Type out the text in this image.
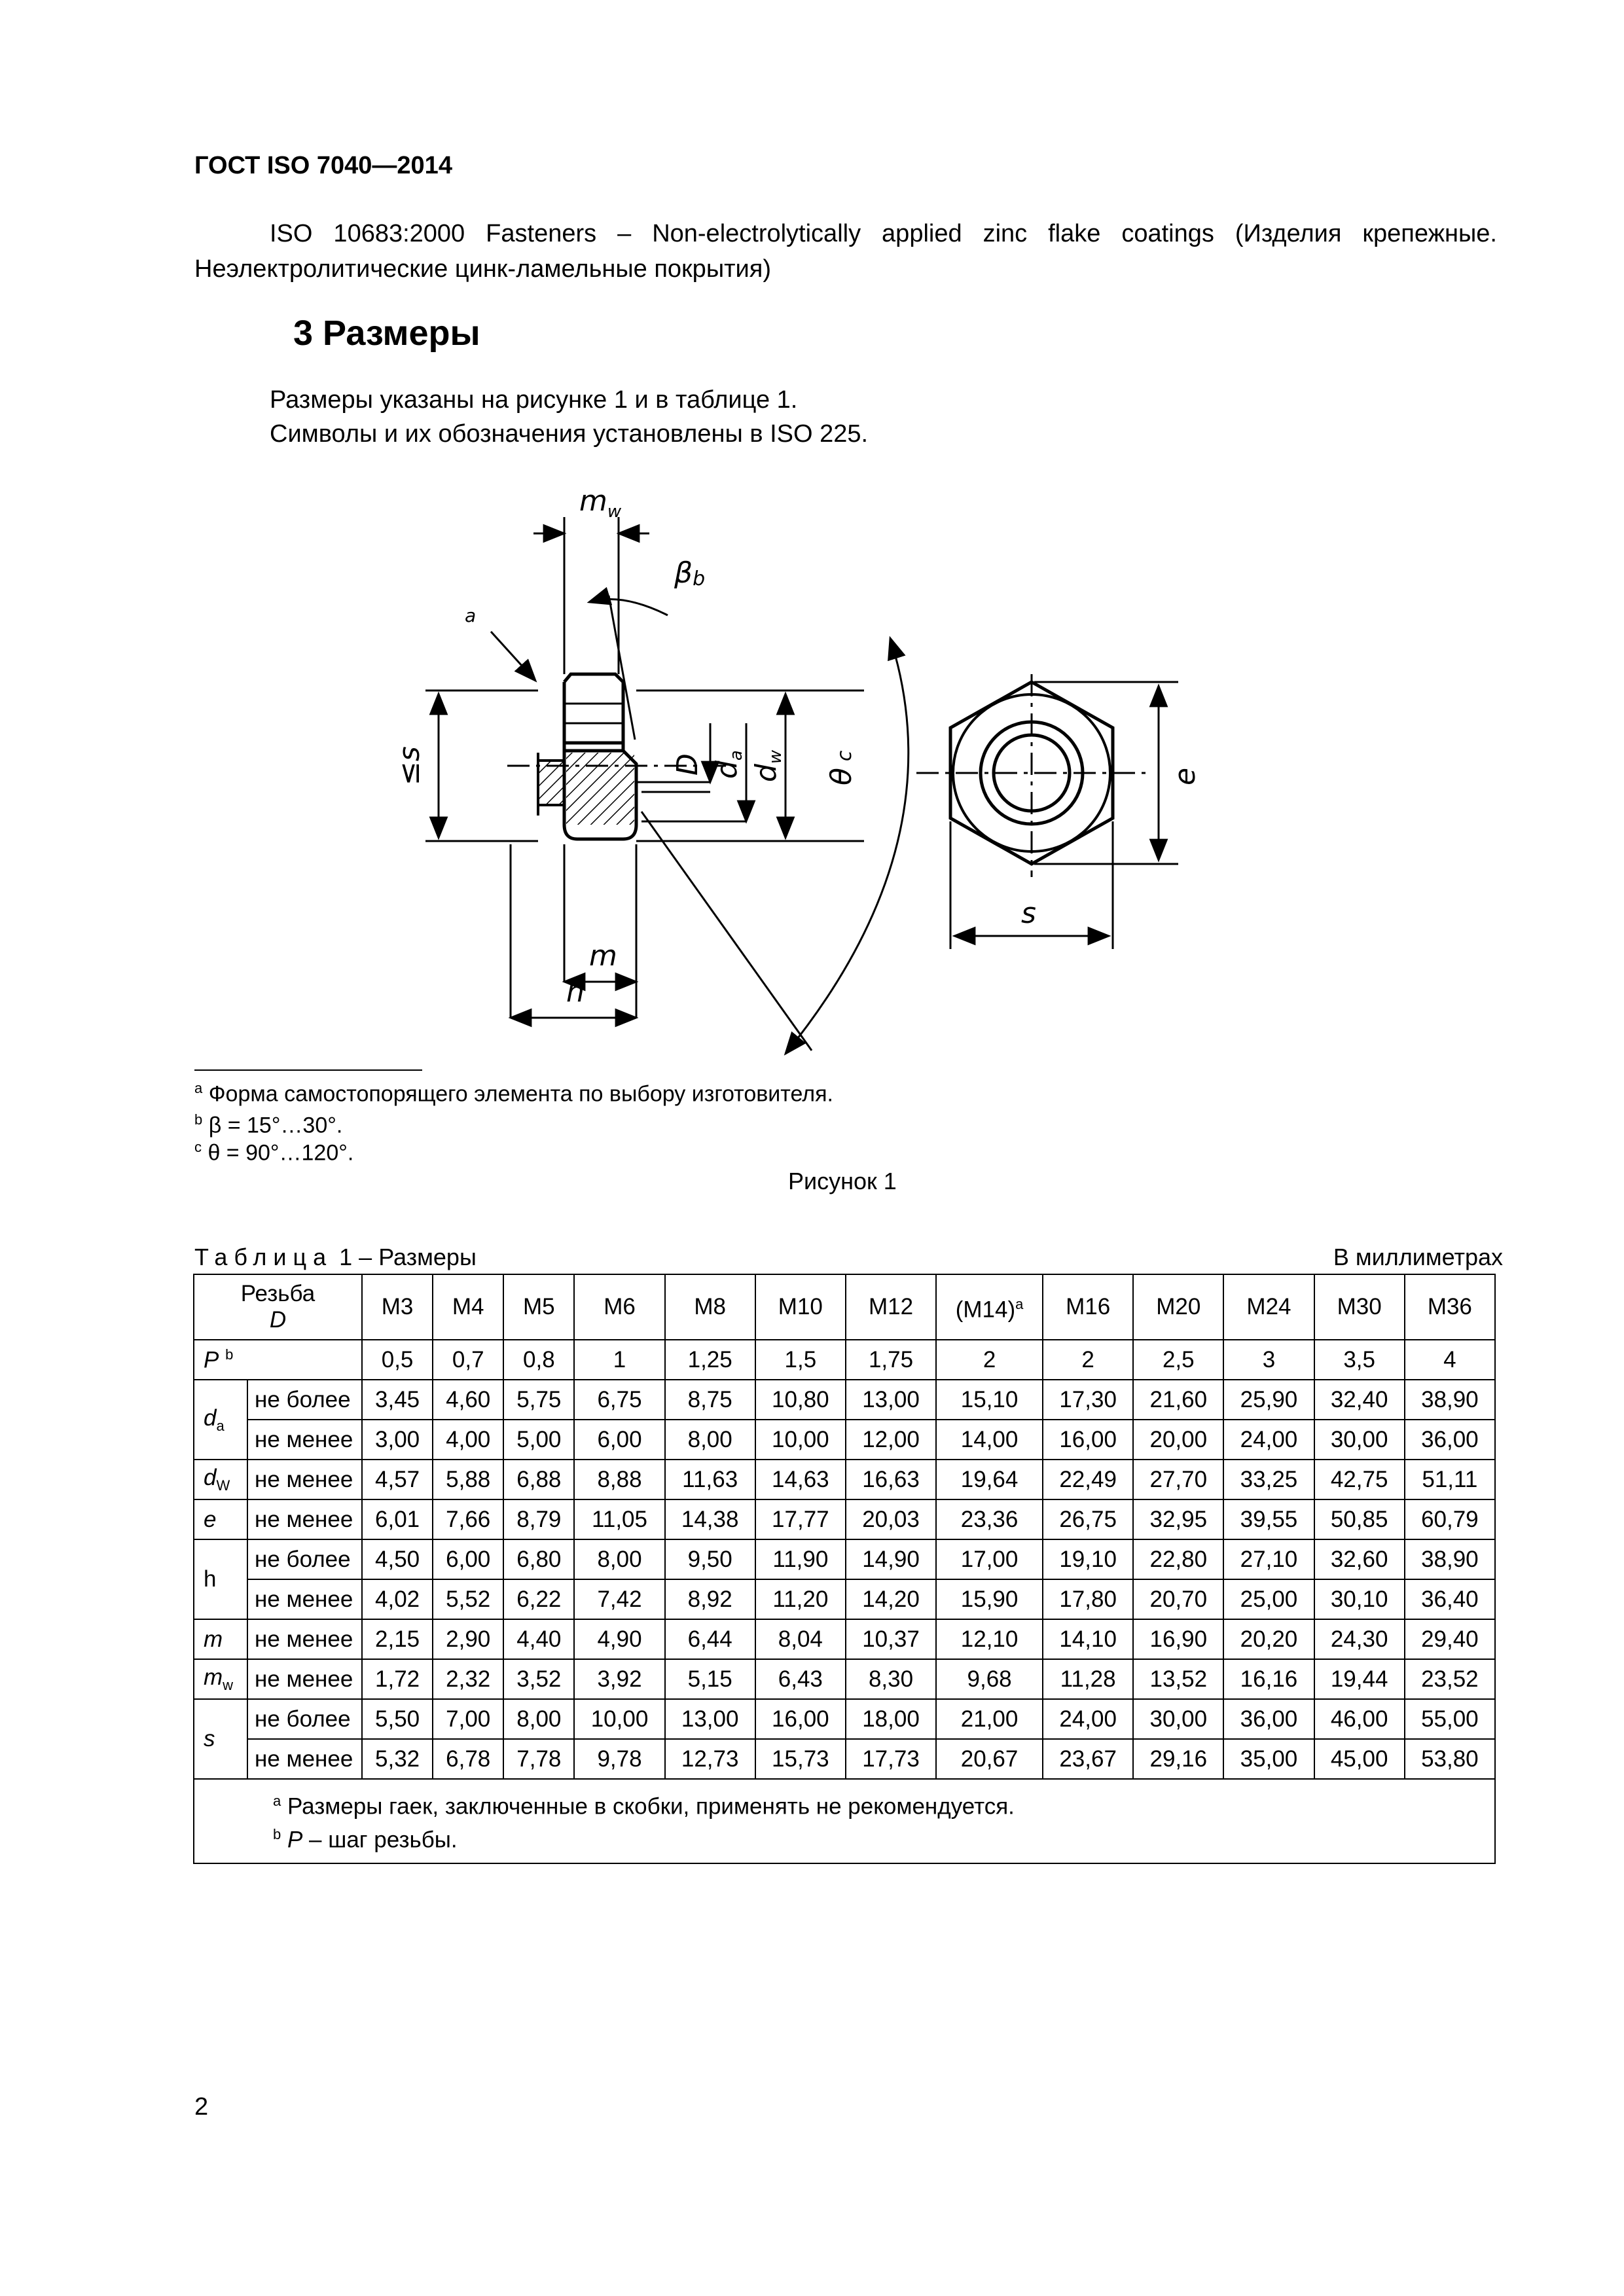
ГОСТ ISO 7040—2014
ISO 10683:2000 Fasteners – Non-electrolytically applied zinc flake coatings (Изделия крепежные. Неэлектролитические цинк-ламельные покрытия)
3 Размеры
Размеры указаны на рисунке 1 и в таблице 1.
Символы и их обозначения установлены в ISO 225.
$m_w$
βb
a
≤s	D da
dw
θc
m
h
e
s
$^a$ Форма самостопорящего элемента по выбору изготовителя.
$^b$ β = 15°…30°.
$^c$ θ = 90°…120°.
Рисунок 1
Таблица 1 – Размеры	В миллиметрах
Резьба
D		M3	M4	M5	M6	M8	M10	M12	$(M14)^a$	M16	M20	M24	M30	M36
P $^b$		0,5	0,7	0,8	1	1,25	1,5	1,75	2	2	2,5	3	3,5	4
$d_a$	не более	3,45	4,60	5,75	6,75	8,75	10,80	13,00	15,10	17,30	21,60	25,90	32,40	38,90
	не менее	3,00	4,00	5,00	6,00	8,00	10,00	12,00	14,00	16,00	20,00	24,00	30,00	36,00
$d_W$	не менее	4,57	5,88	6,88	8,88	11,63	14,63	16,63	19,64	22,49	27,70	33,25	42,75	51,11
e	не менее	6,01	7,66	8,79	11,05	14,38	17,77	20,03	23,36	26,75	32,95	39,55	50,85	60,79
h	не более	4,50	6,00	6,80	8,00	9,50	11,90	14,90	17,00	19,10	22,80	27,10	32,60	38,90
	не менее	4,02	5,52	6,22	7,42	8,92	11,20	14,20	15,90	17,80	20,70	25,00	30,10	36,40
m	не менее	2,15	2,90	4,40	4,90	6,44	8,04	10,37	12,10	14,10	16,90	20,20	24,30	29,40
$m_w$	не менее	1,72	2,32	3,52	3,92	5,15	6,43	8,30	9,68	11,28	13,52	16,16	19,44	23,52
s	не более	5,50	7,00	8,00	10,00	13,00	16,00	18,00	21,00	24,00	30,00	36,00	46,00	55,00
	не менее	5,32	6,78	7,78	9,78	12,73	15,73	17,73	20,67	23,67	29,16	35,00	45,00	53,80

$^a$ Размеры гаек, заключенные в скобки, применять не рекомендуется.
$^b$ P – шаг резьбы.														
2
